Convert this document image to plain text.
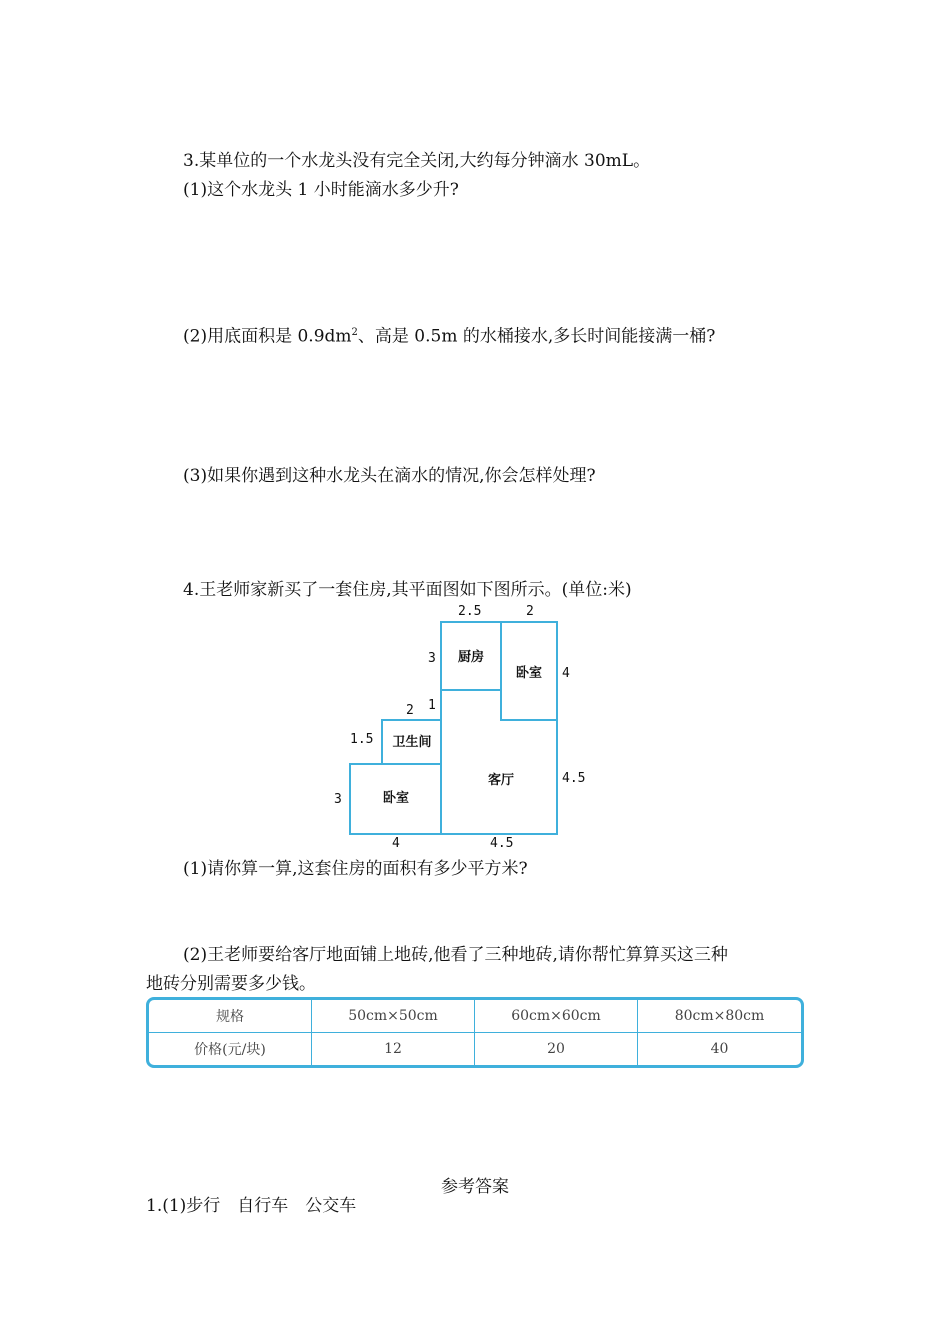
3.某单位的一个水龙头没有完全关闭,大约每分钟滴水 30mL。
(1)这个水龙头 1 小时能滴水多少升?
(2)用底面积是 $0.9dm^2$、高是 0.5m 的水桶接水,多长时间能接满一桶?
(3)如果你遇到这种水龙头在滴水的情况,你会怎样处理?
4.王老师家新买了一套住房,其平面图如下图所示。(单位:米)
2.5	2
3
4
2 1
1.5
4.5
3
4	4.5
厨房
卧室
卫生间
客厅
卧室
(1)请你算一算,这套住房的面积有多少平方米?
(2)王老师要给客厅地面铺上地砖,他看了三种地砖,请你帮忙算算买这三种
地砖分别需要多少钱。
规格	50cm×50cm	60cm×60cm	80cm×80cm
价格(元/块)	12	20	40
参考答案
1.(1)步行　自行车　公交车
